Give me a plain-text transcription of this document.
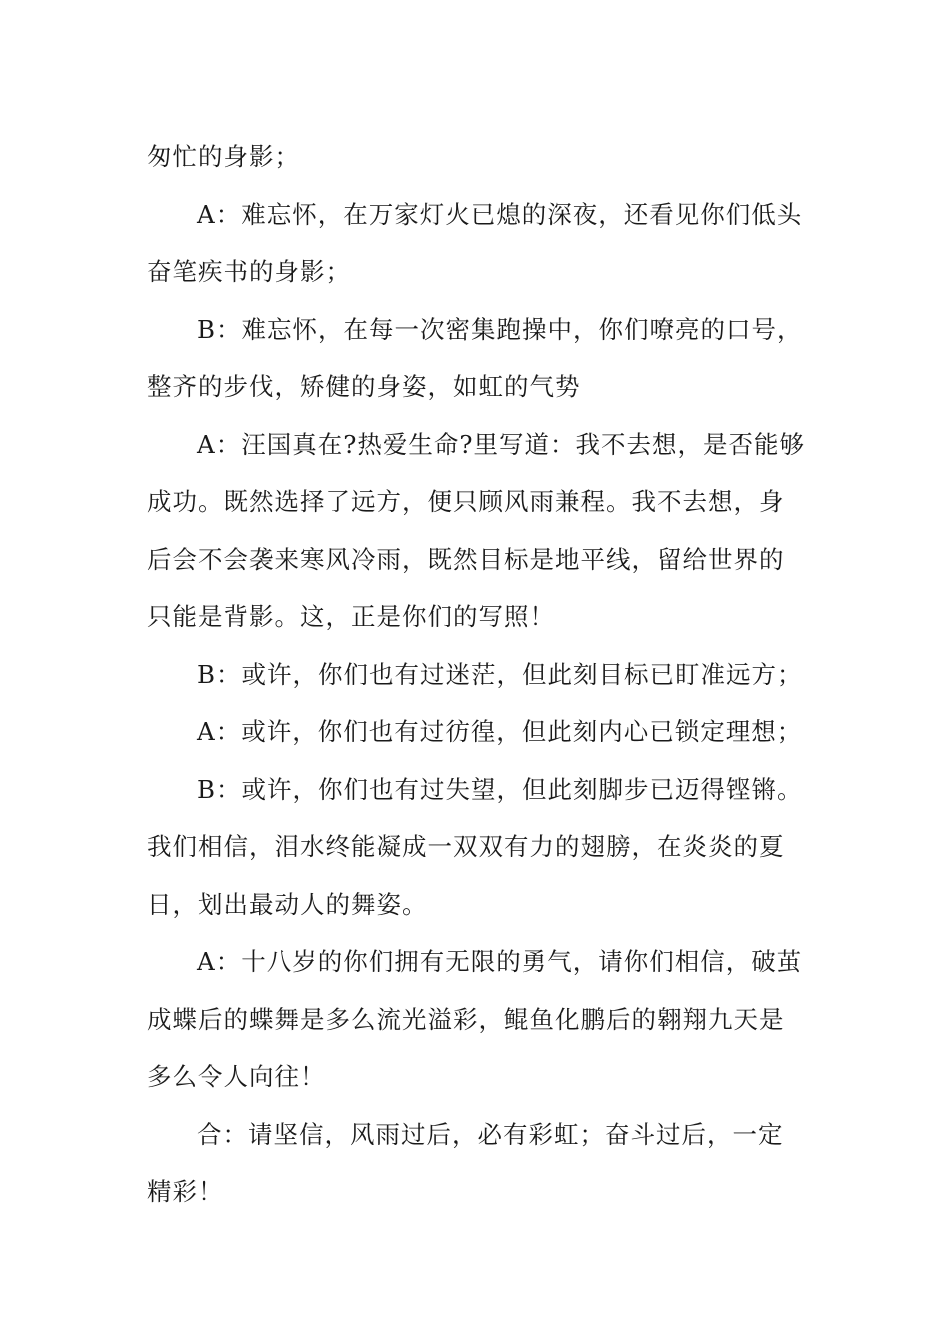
匆忙的身影；
A：难忘怀，在万家灯火已熄的深夜，还看见你们低头
奋笔疾书的身影；
B：难忘怀，在每一次密集跑操中，你们嘹亮的口号，
整齐的步伐，矫健的身姿，如虹的气势
A：汪国真在?热爱生命?里写道：我不去想，是否能够
成功。既然选择了远方，便只顾风雨兼程。我不去想，身
后会不会袭来寒风冷雨，既然目标是地平线，留给世界的
只能是背影。这，正是你们的写照！
B：或许，你们也有过迷茫，但此刻目标已盯准远方；
A：或许，你们也有过彷徨，但此刻内心已锁定理想；
B：或许，你们也有过失望，但此刻脚步已迈得铿锵。
我们相信，泪水终能凝成一双双有力的翅膀，在炎炎的夏
日，划出最动人的舞姿。
A：十八岁的你们拥有无限的勇气，请你们相信，破茧
成蝶后的蝶舞是多么流光溢彩，鲲鱼化鹏后的翱翔九天是
多么令人向往！
合：请坚信，风雨过后，必有彩虹；奋斗过后，一定
精彩！
